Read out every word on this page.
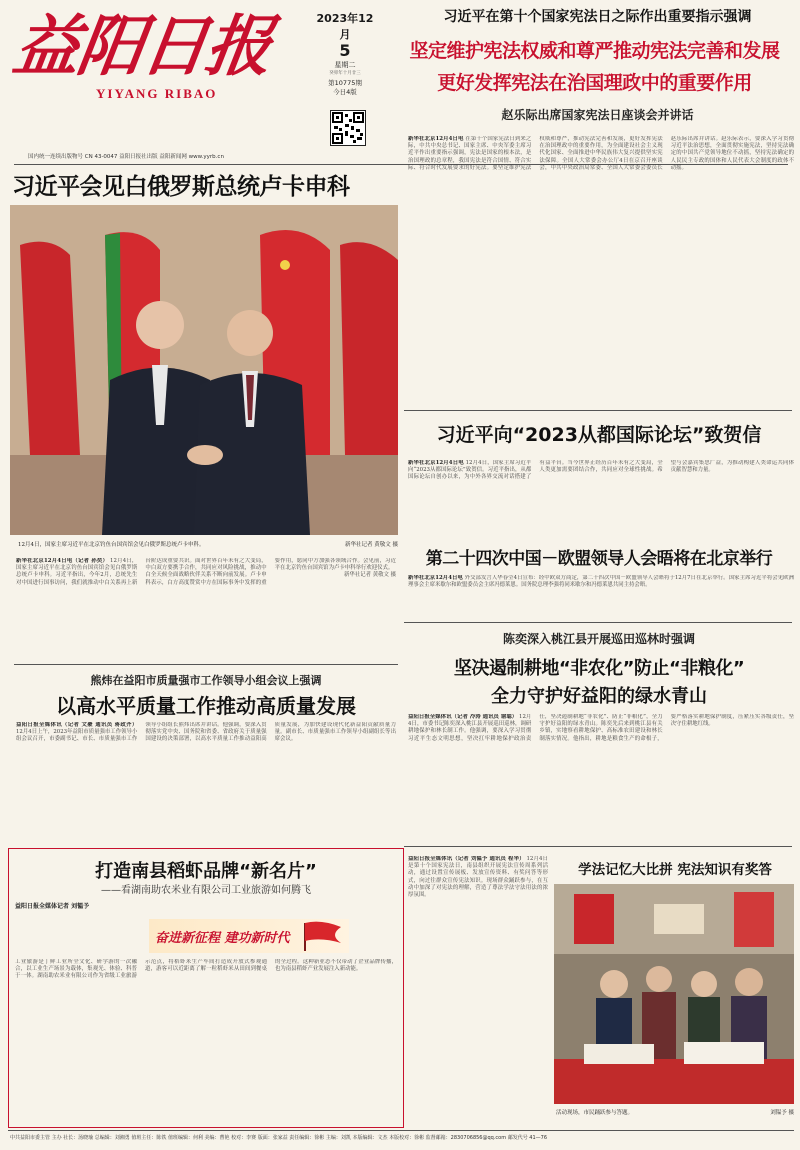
益阳日报
YIYANG RIBAO
2023年12月
5
星期二
癸卯年十月廿三
第10775期
今日4版
国内统一连续出版物号 CN 43-0047 益阳日报社出版 益阳新闻网 www.yyrb.cn
习近平在第十个国家宪法日之际作出重要指示强调
坚定维护宪法权威和尊严推动宪法完善和发展
更好发挥宪法在治国理政中的重要作用
赵乐际出席国家宪法日座谈会并讲话

新华社北京12月4日电 在第十个国家宪法日到来之际，中共中央总书记、国家主席、中央军委主席习近平作出重要指示强调，宪法是国家的根本法，是治国理政的总章程，我国宪法是符合国情、符合实际、符合时代发展要求的好宪法。要坚定维护宪法权威和尊严，推动宪法完善和发展，更好发挥宪法在治国理政中的重要作用，为全面建设社会主义现代化国家、全面推进中华民族伟大复兴提供坚实宪法保障。全国人大常委会办公厅4日在京召开座谈会，中共中央政治局常委、全国人大常委会委员长赵乐际出席并讲话。赵乐际表示，要深入学习贯彻习近平法治思想，全面贯彻实施宪法，坚持宪法确定的中国共产党领导地位不动摇，坚持宪法确定的人民民主专政的国体和人民代表大会制度的政体不动摇。

习近平会见白俄罗斯总统卢卡申科
12月4日，国家主席习近平在北京钓鱼台国宾馆会见白俄罗斯总统卢卡申科。	新华社记者 黄敬文 摄

新华社北京12月4日电（记者 孙奕） 12月4日，国家主席习近平在北京钓鱼台国宾馆会见白俄罗斯总统卢卡申科。习近平指出，今年2月，总统先生对中国进行国事访问，我们就推动中白关系再上新台阶达成重要共识。面对世界百年未有之大变局，中白双方要携手合作，共同应对风险挑战，推动中白全天候全面战略伙伴关系不断向前发展。卢卡申科表示，白方高度赞赏中方在国际事务中发挥的重要作用，愿同中方加强各领域合作。会见前，习近平在北京钓鱼台国宾馆为卢卡申科举行欢迎仪式。

新华社记者 黄敬文 摄

习近平向“2023从都国际论坛”致贺信

新华社北京12月4日电 12月4日，国家主席习近平向“2023从都国际论坛”致贺信。习近平指出，从都国际论坛自创办以来，为中外各界交流对话搭建了有益平台。当今世界正经历百年未有之大变局，全人类更加需要团结合作，共同应对全球性挑战。希望与会嘉宾集思广益，为推动构建人类命运共同体贡献智慧和力量。

第二十四次中国－欧盟领导人会晤将在北京举行

新华社北京12月4日电 外交部发言人华春莹4日宣布：经中欧双方商定，第二十四次中国－欧盟领导人会晤将于12月7日在北京举行。国家主席习近平将会见欧洲理事会主席米歇尔和欧盟委员会主席冯德莱恩。国务院总理李强将同米歇尔和冯德莱恩共同主持会晤。

陈奕深入桃江县开展巡田巡林时强调
坚决遏制耕地“非农化”防止“非粮化”
全力守护好益阳的绿水青山

益阳日报全媒体讯（记者 冷涛 通讯员 谢聪） 12月4日，市委书记陈奕深入桃江县开展巡田巡林，调研耕地保护和林长制工作。他强调，要深入学习贯彻习近平生态文明思想，坚决扛牢耕地保护政治责任，坚决遏制耕地“非农化”、防止“非粮化”，全力守护好益阳的绿水青山。陈奕先后来到桃江县有关乡镇，实地察看耕地保护、高标准农田建设和林长制落实情况。他指出，耕地是粮食生产的命根子，要严格落实耕地保护制度，压紧压实各级责任，坚决守住耕地红线。

熊炜在益阳市质量强市工作领导小组会议上强调
以高水平质量工作推动高质量发展

益阳日报全媒体讯（记者 文豪 通讯员 蒋政齐） 12月4日上午，2023年益阳市质量强市工作领导小组会议召开，市委副书记、市长、市质量强市工作领导小组组长熊炜出席并讲话。他强调，要深入贯彻落实党中央、国务院和省委、省政府关于质量强国建设的决策部署，以高水平质量工作推动益阳高质量发展，为加快建设现代化新益阳贡献质量力量。副市长、市质量强市工作领导小组副组长等出席会议。

打造南县稻虾品牌“新名片”
——看湖南助农米业有限公司工业旅游如何腾飞
益阳日报全媒体记者 刘韫予
奋进新征程 建功新时代

工业旅游是丁鲜工业所全文化、研学游的一次融合，以工业生产场景为载体，集观光、体验、科普于一体。湖南助农米业有限公司作为省级工业旅游示范点，将稻虾米生产车间打造成开放式参观通道，游客可以近距离了解一粒稻虾米从田间到餐桌的全过程。这种新业态不仅带动了企业品牌传播，也为南县稻虾产业发展注入新动能。

益阳日报全媒体讯（记者 刘韫予 通讯员 程华） 12月4日是第十个国家宪法日，南县组织开展宪法宣传周系列活动，通过设置宣传展板、发放宣传资料、有奖问答等形式，向过往群众宣传宪法知识。现场群众踊跃参与，在互动中加深了对宪法的理解，营造了尊法学法守法用法的浓厚氛围。

学法记忆大比拼 宪法知识有奖答
活动现场，市民踊跃参与答题。	刘韫予 摄
中共益阳市委主管 主办 社长：汤晓瑜 总编辑：刘湘勇 值班主任：陈铁 值班编辑：何利 美编：曹艳 校对：李赛 版面：张家益 责任编辑：徐彬 主编：刘凯 本版编辑：文杰 本版校对：徐彬 监督邮箱：2830706856@qq.com 邮发代号 41—76
